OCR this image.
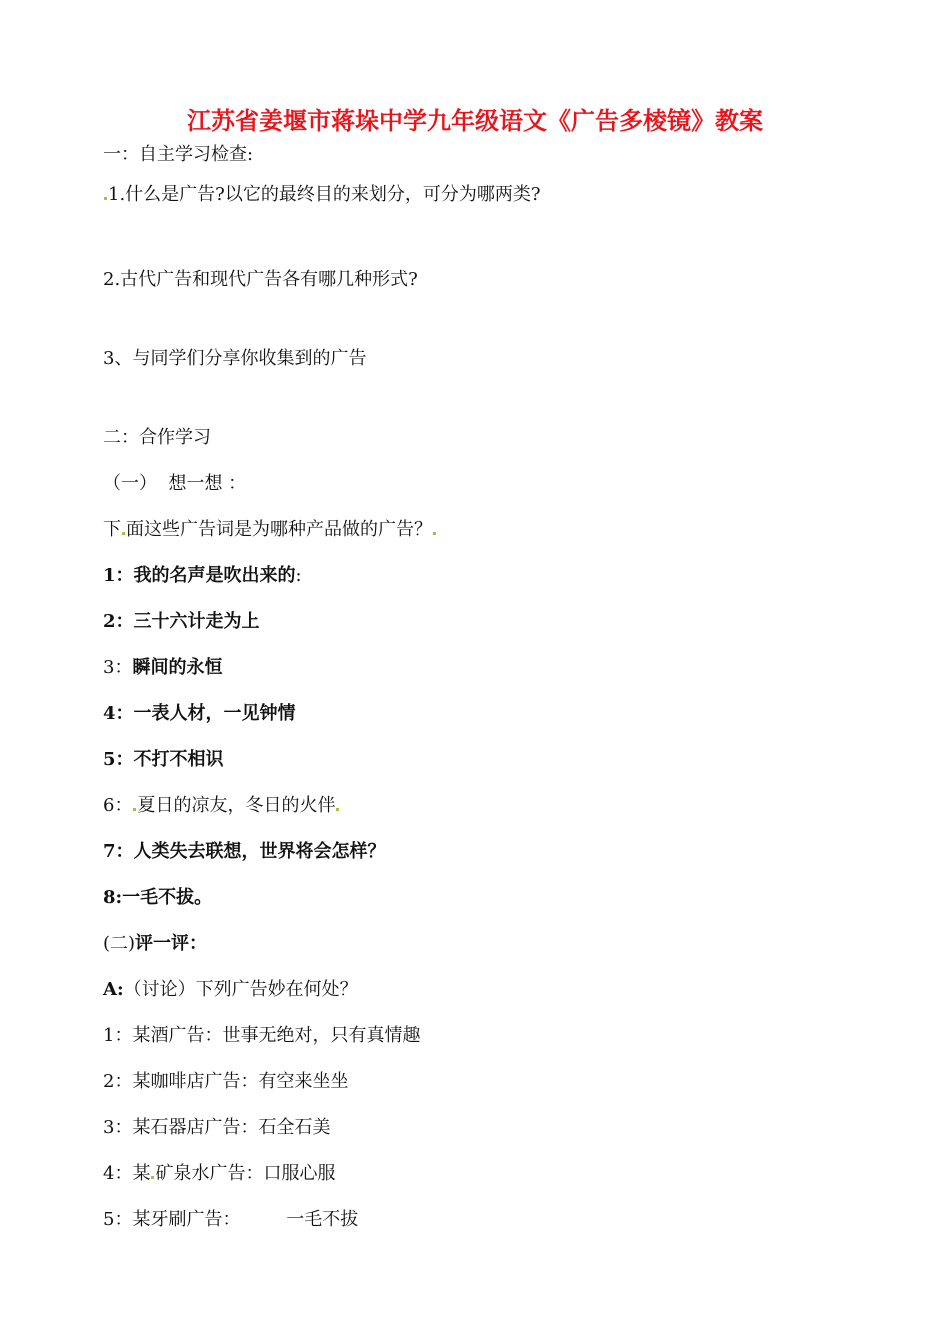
江苏省姜堰市蒋垛中学九年级语文《广告多棱镜》教案

一：自主学习检查:

1.什么是广告?以它的最终目的来划分，可分为哪两类?

2.古代广告和现代广告各有哪几种形式?

3、与同学们分享你收集到的广告

二：合作学习

（一）  想一想 ：

下 面这些广告词是为哪种产品做的广告？

1：我的名声是吹出来的:

2：三十六计走为上

3：瞬间的永恒

4：一表人材，一见钟情

5：不打不相识

6： 夏日的凉友，冬日的火伴

7：人类失去联想，世界将会怎样？

8:一毛不拔。

(二)评一评：

A:（讨论）下列广告妙在何处？

1：某酒广告：世事无绝对，只有真情趣

2：某咖啡店广告：有空来坐坐

3：某石器店广告：石全石美

4：某 矿泉水广告：口服心服

5：某牙刷广告：        一毛不拔
